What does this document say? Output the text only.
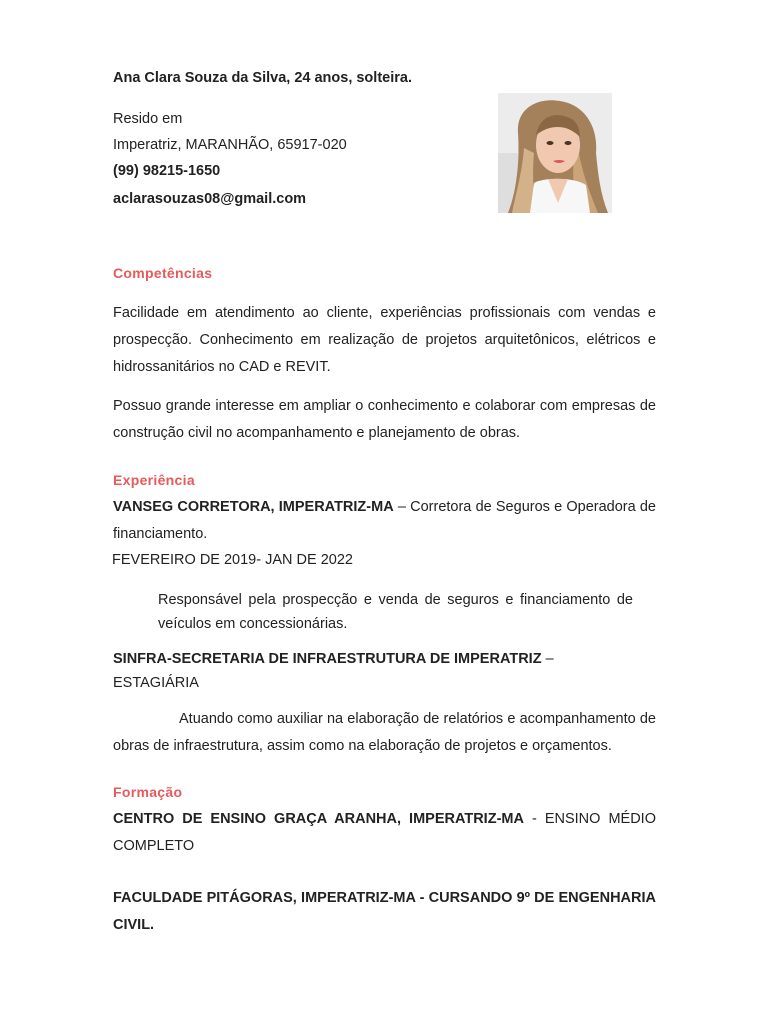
Ana Clara Souza da Silva, 24 anos, solteira.
Resido em
Imperatriz, MARANHÃO, 65917-020
(99) 98215-1650
aclarasouzas08@gmail.com
Competências
Facilidade em atendimento ao cliente, experiências profissionais com vendas e prospecção. Conhecimento em realização de projetos arquitetônicos, elétricos e hidrossanitários no CAD e REVIT.
Possuo grande interesse em ampliar o conhecimento e colaborar com empresas de construção civil no acompanhamento e planejamento de obras.
Experiência
VANSEG CORRETORA, IMPERATRIZ-MA – Corretora de Seguros e Operadora de financiamento.
FEVEREIRO DE 2019- JAN DE 2022
Responsável pela prospecção e venda de seguros e financiamento de veículos em concessionárias.
SINFRA-SECRETARIA DE INFRAESTRUTURA DE IMPERATRIZ –
ESTAGIÁRIA
Atuando como auxiliar na elaboração de relatórios e acompanhamento de obras de infraestrutura, assim como na elaboração de projetos e orçamentos.
Formação
CENTRO DE ENSINO GRAÇA ARANHA, IMPERATRIZ-MA - ENSINO MÉDIO COMPLETO
FACULDADE PITÁGORAS, IMPERATRIZ-MA - CURSANDO 9º DE ENGENHARIA CIVIL.
